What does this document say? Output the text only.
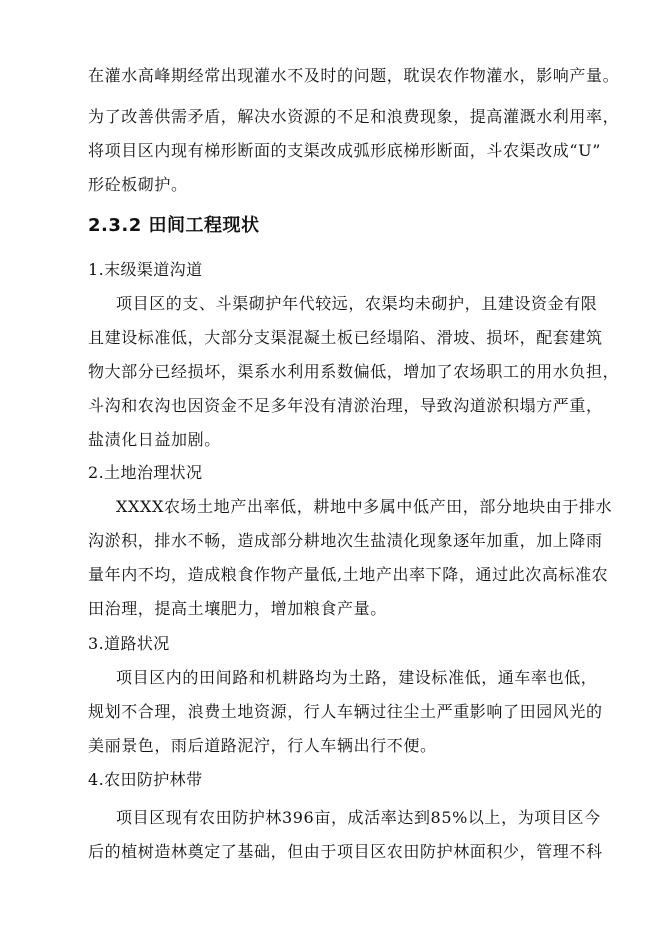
在灌水高峰期经常出现灌水不及时的问题，耽误农作物灌水，影响产量。
为了改善供需矛盾，解决水资源的不足和浪费现象，提高灌溉水利用率，
将项目区内现有梯形断面的支渠改成弧形底梯形断面，斗农渠改成“U”
形砼板砌护。
2.3.2 田间工程现状
1.末级渠道沟道
项目区的支、斗渠砌护年代较远，农渠均未砌护，且建设资金有限
且建设标准低，大部分支渠混凝土板已经塌陷、滑坡、损坏，配套建筑
物大部分已经损坏，渠系水利用系数偏低，增加了农场职工的用水负担，
斗沟和农沟也因资金不足多年没有清淤治理，导致沟道淤积塌方严重，
盐渍化日益加剧。
2.土地治理状况
XXXX农场土地产出率低，耕地中多属中低产田，部分地块由于排水
沟淤积，排水不畅，造成部分耕地次生盐渍化现象逐年加重，加上降雨
量年内不均，造成粮食作物产量低,土地产出率下降，通过此次高标准农
田治理，提高土壤肥力，增加粮食产量。
3.道路状况
项目区内的田间路和机耕路均为土路，建设标准低，通车率也低，
规划不合理，浪费土地资源，行人车辆过往尘土严重影响了田园风光的
美丽景色，雨后道路泥泞，行人车辆出行不便。
4.农田防护林带
项目区现有农田防护林396亩，成活率达到85%以上，为项目区今
后的植树造林奠定了基础，但由于项目区农田防护林面积少，管理不科
